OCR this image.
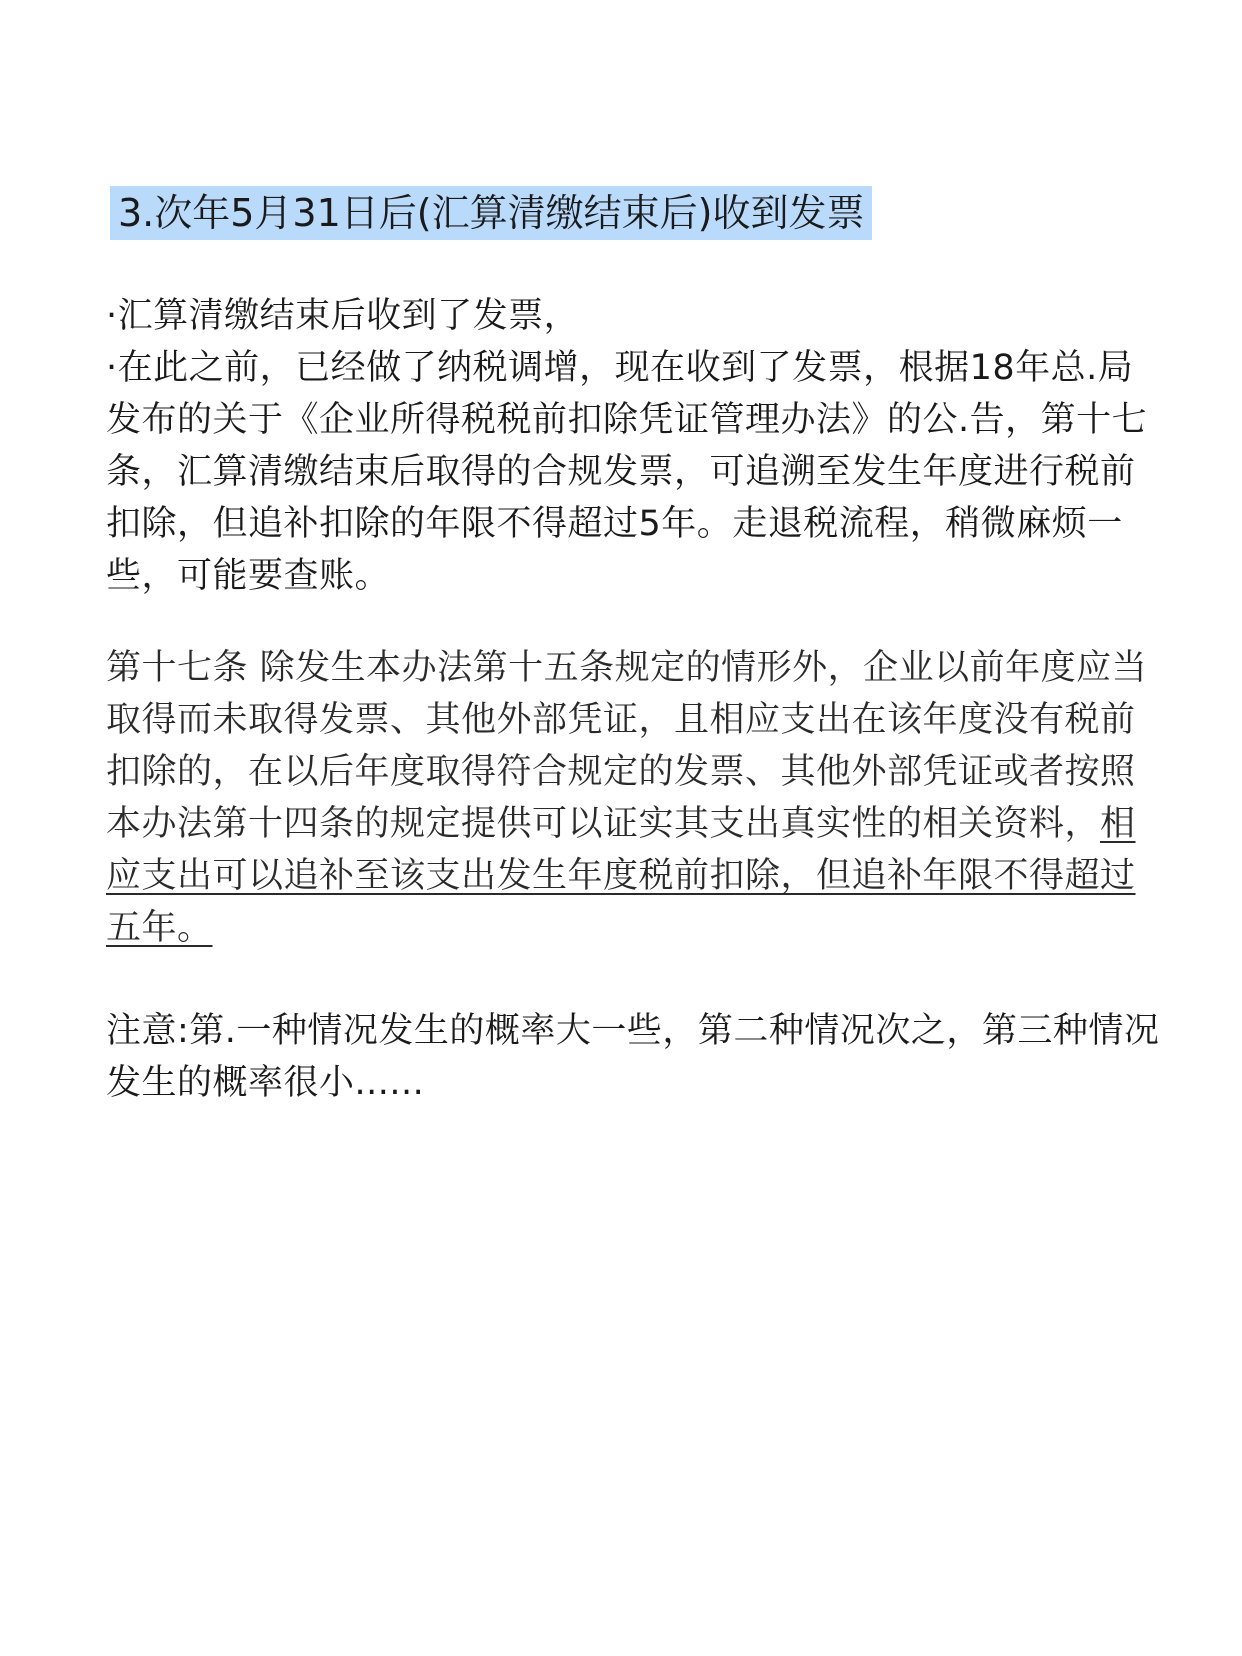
3.次年5月31日后(汇算清缴结束后)收到发票

·汇算清缴结束后收到了发票，

·在此之前，已经做了纳税调增，现在收到了发票，根据18年总.局发布的关于《企业所得税税前扣除凭证管理办法》的公.告，第十七条，汇算清缴结束后取得的合规发票，可追溯至发生年度进行税前扣除，但追补扣除的年限不得超过5年。走退税流程，稍微麻烦一些，可能要查账。

第十七条 除发生本办法第十五条规定的情形外，企业以前年度应当取得而未取得发票、其他外部凭证，且相应支出在该年度没有税前扣除的，在以后年度取得符合规定的发票、其他外部凭证或者按照本办法第十四条的规定提供可以证实其支出真实性的相关资料，相应支出可以追补至该支出发生年度税前扣除，但追补年限不得超过五年。

注意:第.一种情况发生的概率大一些，第二种情况次之，第三种情况发生的概率很小......
